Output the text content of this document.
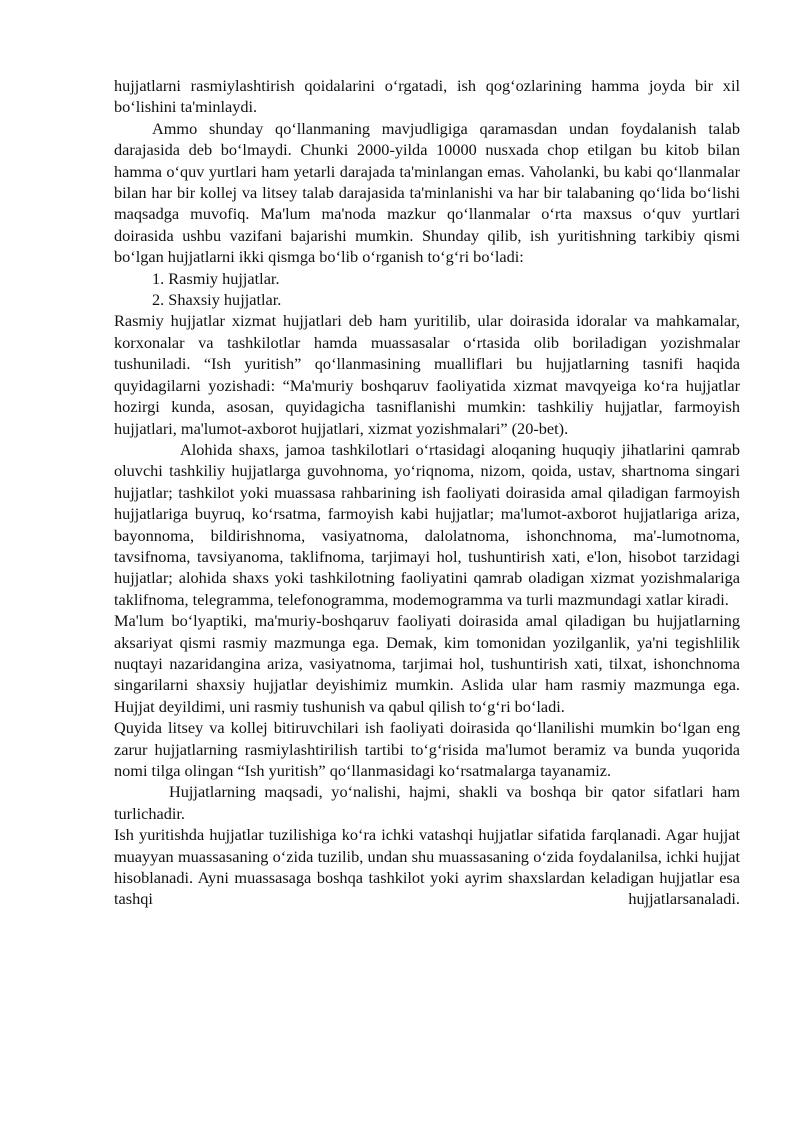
hujjatlarni rasmiylashtirish qoidalarini o‘rgatadi, ish qog‘ozlarining hamma joyda bir xil bo‘lishini ta'minlaydi.

Ammo shunday qo‘llanmaning mavjudligiga qaramasdan undan foydalanish talab darajasida deb bo‘lmaydi. Chunki 2000-yilda 10000 nusxada chop etilgan bu kitob bilan hamma o‘quv yurtlari ham yetarli darajada ta'minlangan emas. Vaholanki, bu kabi qo‘llanmalar bilan har bir kollej va litsey talab darajasida ta'minlanishi va har bir talabaning qo‘lida bo‘lishi maqsadga muvofiq. Ma'lum ma'noda mazkur qo‘llanmalar o‘rta maxsus o‘quv yurtlari doirasida ushbu vazifani bajarishi mumkin. Shunday qilib, ish yuritishning tarkibiy qismi bo‘lgan hujjatlarni ikki qismga bo‘lib o‘rganish to‘g‘ri bo‘ladi:

1. Rasmiy hujjatlar.

2. Shaxsiy hujjatlar.

Rasmiy hujjatlar xizmat hujjatlari deb ham yuritilib, ular doirasida idoralar va mahkamalar, korxonalar va tashkilotlar hamda muassasalar o‘rtasida olib boriladigan yozishmalar tushuniladi. “Ish yuritish” qo‘llanmasining mualliflari bu hujjatlarning tasnifi haqida quyidagilarni yozishadi: “Ma'muriy boshqaruv faoliyatida xizmat mavqyeiga ko‘ra hujjatlar hozirgi kunda, asosan, quyidagicha tasniflanishi mumkin: tashkiliy hujjatlar, farmoyish hujjatlari, ma'lumot-axborot hujjatlari, xizmat yozishmalari” (20-bet).

Alohida shaxs, jamoa tashkilotlari o‘rtasidagi aloqaning huquqiy jihatlarini qamrab oluvchi tashkiliy hujjatlarga guvohnoma, yo‘riqnoma, nizom, qoida, ustav, shartnoma singari hujjatlar; tashkilot yoki muassasa rahbarining ish faoliyati doirasida amal qiladigan farmoyish hujjatlariga buyruq, ko‘rsatma, farmoyish kabi hujjatlar; ma'lumot-axborot hujjatlariga ariza, bayonnoma, bildirishnoma, vasiyatnoma, dalolatnoma, ishonchnoma, ma'-lumotnoma, tavsifnoma, tavsiyanoma, taklifnoma, tarjimayi hol, tushuntirish xati, e'lon, hisobot tarzidagi hujjatlar; alohida shaxs yoki tashkilotning faoliyatini qamrab oladigan xizmat yozishmalariga taklifnoma, telegramma, telefonogramma, modemogramma va turli mazmundagi xatlar kiradi.

Ma'lum bo‘lyaptiki, ma'muriy-boshqaruv faoliyati doirasida amal qiladigan bu hujjatlarning aksariyat qismi rasmiy mazmunga ega. Demak, kim tomonidan yozilganlik, ya'ni tegishlilik nuqtayi nazaridangina ariza, vasiyatnoma, tarjimai hol, tushuntirish xati, tilxat, ishonchnoma singarilarni shaxsiy hujjatlar deyishimiz mumkin. Aslida ular ham rasmiy mazmunga ega. Hujjat deyildimi, uni rasmiy tushunish va qabul qilish to‘g‘ri bo‘ladi.

Quyida litsey va kollej bitiruvchilari ish faoliyati doirasida qo‘llanilishi mumkin bo‘lgan eng zarur hujjatlarning rasmiylashtirilish tartibi to‘g‘risida ma'lumot beramiz va bunda yuqorida nomi tilga olingan “Ish yuritish” qo‘llanmasidagi ko‘rsatmalarga tayanamiz.

Hujjatlarning maqsadi, yo‘nalishi, hajmi, shakli va boshqa bir qator sifatlari ham turlichadir.

Ish yuritishda hujjatlar tuzilishiga ko‘ra ichki vatashqi hujjatlar sifatida farqlanadi. Agar hujjat muayyan muassasaning o‘zida tuzilib, undan shu muassasaning o‘zida foydalanilsa, ichki hujjat hisoblanadi. Ayni muassasaga boshqa tashkilot yoki ayrim shaxslardan keladigan hujjatlar esa tashqi hujjatlarsanaladi.
